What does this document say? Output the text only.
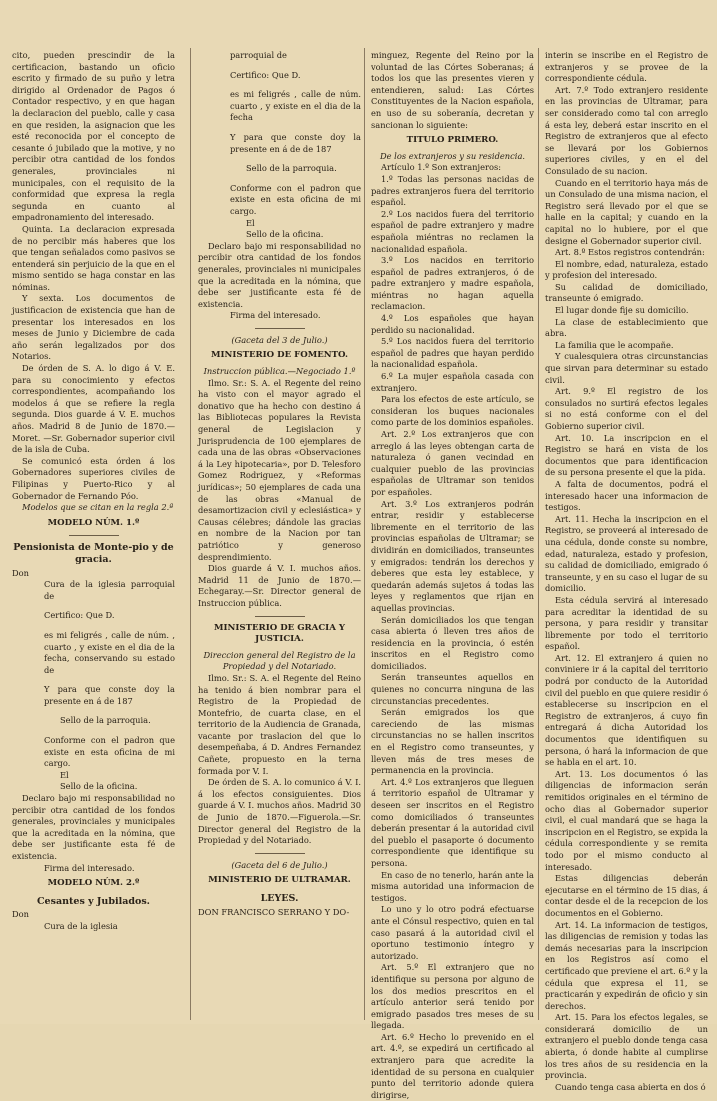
cito, pueden prescindir de la certificacion, bastando un oficio escrito y firmado de su puño y letra dirigido al Ordenador de Pagos ó Contador respectivo, y en que hagan la declaracion del pueblo, calle y casa en que residen, la asignacion que les esté reconocida por el concepto de cesante ó jubilado que la motive, y no percibir otra cantidad de los fondos generales, provinciales ni municipales, con el requisito de la conformidad que expresa la regla segunda en cuanto al empadronamiento del interesado.

Quinta. La declaracion expresada de no percibir más haberes que los que tengan señalados como pasivos se entenderá sin perjuicio de la que en el mismo sentido se haga constar en las nóminas.

Y sexta. Los documentos de justificacion de existencia que han de presentar los interesados en los meses de Junio y Diciembre de cada año serán legalizados por dos Notarios.

De órden de S. A. lo digo á V. E. para su conocimiento y efectos correspondientes, acompañando los modelos á que se refiere la regla segunda. Dios guarde á V. E. muchos años. Madrid 8 de Junio de 1870.—Moret. —Sr. Gobernador superior civil de la isla de Cuba.

Se comunicó esta órden á los Gobernadores superiores civiles de Filipinas y Puerto-Rico y al Gobernador de Fernando Póo.

Modelos que se citan en la regla 2.ª

MODELO NÚM. 1.º

Pensionista de Monte-pio y de gracia.

Don

Cura de la iglesia parroquial de

Certifico: Que D.

es mi feligrés , calle de núm. , cuarto , y existe en el dia de la fecha, conservando su estado de

Y para que conste doy la presente en á de 187

Sello de la parroquia.

Conforme con el padron que existe en esta oficina de mi cargo.

El

Sello de la oficina.

Declaro bajo mi responsabilidad no percibir otra cantidad de los fondos generales, provinciales y municipales que la acreditada en la nómina, que debe ser justificante esta fé de existencia.

Firma del interesado.

MODELO NÚM. 2.º

Cesantes y Jubilados.

Don

Cura de la iglesia

parroquial de

Certifico: Que D.

es mi feligrés , calle de núm. cuarto , y existe en el dia de la fecha

Y para que conste doy la presente en á de de 187

Sello de la parroquia.

Conforme con el padron que existe en esta oficina de mi cargo.

El

Sello de la oficina.

Declaro bajo mi responsabilidad no percibir otra cantidad de los fondos generales, provinciales ni municipales que la acreditada en la nómina, que debe ser justificante esta fé de existencia.

Firma del interesado.

(Gaceta del 3 de Julio.)

MINISTERIO DE FOMENTO.

Instruccion pública.—Negociado 1.º

Ilmo. Sr.: S. A. el Regente del reino ha visto con el mayor agrado el donativo que ha hecho con destino á las Bibliotecas populares la Revista general de Legislacion y Jurisprudencia de 100 ejemplares de cada una de las obras «Observaciones á la Ley hipotecaria», por D. Telesforo Gomez Rodriguez, y «Reformas jurídicas»; 50 ejemplares de cada una de las obras «Manual de desamortizacion civil y eclesiástica» y Causas célebres; dándole las gracias en nombre de la Nacion por tan patriótico y generoso desprendimiento.

Dios guarde á V. I. muchos años. Madrid 11 de Junio de 1870.—Echegaray.—Sr. Director general de Instruccion pública.

MINISTERIO DE GRACIA Y JUSTICIA.

Direccion general del Registro de la Propiedad y del Notariado.

Ilmo. Sr.: S. A. el Regente del Reino ha tenido á bien nombrar para el Registro de la Propiedad de Montefrio, de cuarta clase, en el territorio de la Audiencia de Granada, vacante por traslacion del que lo desempeñaba, á D. Andres Fernandez Cañete, propuesto en la terna formada por V. I.

De órden de S. A. lo comunico á V. I. á los efectos consiguientes. Dios guarde á V. I. muchos años. Madrid 30 de Junio de 1870.—Figuerola.—Sr. Director general del Registro de la Propiedad y del Notariado.

(Gaceta del 6 de Julio.)

MINISTERIO DE ULTRAMAR.

LEYES.

DON FRANCISCO SERRANO Y DO-

minguez, Regente del Reino por la voluntad de las Córtes Soberanas; á todos los que las presentes vieren y entendieren, salud: Las Córtes Constituyentes de la Nacion española, en uso de su soberanía, decretan y sancionan lo siguiente:

TITULO PRIMERO.

De los extranjeros y su residencia.

Artículo 1.º Son extranjeros:

1.º Todas las personas nacidas de padres extranjeros fuera del territorio español.

2.º Los nacidos fuera del territorio español de padre extranjero y madre española miéntras no reclamen la nacionalidad española.

3.º Los nacidos en territorio español de padres extranjeros, ó de padre extranjero y madre española, miéntras no hagan aquella reclamacion.

4.º Los españoles que hayan perdido su nacionalidad.

5.º Los nacidos fuera del territorio español de padres que hayan perdido la nacionalidad española.

6.º La mujer española casada con extranjero.

Para los efectos de este artículo, se consideran los buques nacionales como parte de los dominios españoles.

Art. 2.º Los extranjeros que con arreglo á las leyes obtengan carta de naturaleza ó ganen vecindad en cualquier pueblo de las provincias españolas de Ultramar son tenidos por españoles.

Art. 3.º Los extranjeros podrán entrar, residir y establecerse libremente en el territorio de las provincias españolas de Ultramar; se dividirán en domiciliados, transeuntes y emigrados: tendrán los derechos y deberes que esta ley establece, y quedarán además sujetos á todas las leyes y reglamentos que rijan en aquellas provincias.

Serán domiciliados los que tengan casa abierta ó lleven tres años de residencia en la provincia, ó estén inscritos en el Registro como domiciliados.

Serán transeuntes aquellos en quienes no concurra ninguna de las circunstancias precedentes.

Serán emigrados los que careciendo de las mismas circunstancias no se hallen inscritos en el Registro como transeuntes, y lleven más de tres meses de permanencia en la provincia.

Art. 4.º Los extranjeros que lleguen á territorio español de Ultramar y deseen ser inscritos en el Registro como domiciliados ó transeuntes deberán presentar á la autoridad civil del pueblo el pasaporte ó documento correspondiente que identifique su persona.

En caso de no tenerlo, harán ante la misma autoridad una informacion de testigos.

Lo uno y lo otro podrá efectuarse ante el Cónsul respectivo, quien en tal caso pasará á la autoridad civil el oportuno testimonio íntegro y autorizado.

Art. 5.º El extranjero que no identifique su persona por alguno de los dos medios prescritos en el artículo anterior será tenido por emigrado pasados tres meses de su llegada.

Art. 6.º Hecho lo prevenido en el art. 4.º, se expedirá un certificado al extranjero para que acredite la identidad de su persona en cualquier punto del territorio adonde quiera dirigirse,

interin se inscribe en el Registro de extranjeros y se provee de la correspondiente cédula.

Art. 7.º Todo extranjero residente en las provincias de Ultramar, para ser considerado como tal con arreglo á esta ley, deberá estar inscrito en el Registro de extranjeros que al efecto se llevará por los Gobiernos superiores civiles, y en el del Consulado de su nacion.

Cuando en el territorio haya más de un Consulado de una misma nacion, el Registro será llevado por el que se halle en la capital; y cuando en la capital no lo hubiere, por el que designe el Gobernador superior civil.

Art. 8.º Estos registros contendrán:

El nombre, edad, naturaleza, estado y profesion del interesado.

Su calidad de domiciliado, transeunte ó emigrado.

El lugar donde fije su domicilio.

La clase de establecimiento que abra.

La familia que le acompañe.

Y cualesquiera otras circunstancias que sirvan para determinar su estado civil.

Art. 9.º El registro de los consulados no surtirá efectos legales si no está conforme con el del Gobierno superior civil.

Art. 10. La inscripcion en el Registro se hará en vista de los documentos que para identificacion de su persona presente el que la pida.

A falta de documentos, podrá el interesado hacer una informacion de testigos.

Art. 11. Hecha la inscripcion en el Registro, se proveerá al interesado de una cédula, donde conste su nombre, edad, naturaleza, estado y profesion, su calidad de domiciliado, emigrado ó transeunte, y en su caso el lugar de su domicilio.

Esta cédula servirá al interesado para acreditar la identidad de su persona, y para residir y transitar libremente por todo el territorio español.

Art. 12. El extranjero á quien no conviniere ir á la capital del territorio podrá por conducto de la Autoridad civil del pueblo en que quiere residir ó establecerse su inscripcion en el Registro de extranjeros, á cuyo fin entregará á dicha Autoridad los documentos que identifiquen su persona, ó hará la informacion de que se habla en el art. 10.

Art. 13. Los documentos ó las diligencias de informacion serán remitidos originales en el término de ocho dias al Gobernador superior civil, el cual mandará que se haga la inscripcion en el Registro, se expida la cédula correspondiente y se remita todo por el mismo conducto al interesado.

Estas diligencias deberán ejecutarse en el término de 15 dias, á contar desde el de la recepcion de los documentos en el Gobierno.

Art. 14. La informacion de testigos, las diligencias de remision y todas las demás necesarias para la inscripcion en los Registros así como el certificado que previene el art. 6.º y la cédula que expresa el 11, se practicarán y expedirán de oficio y sin derechos.

Art. 15. Para los efectos legales, se considerará domicilio de un extranjero el pueblo donde tenga casa abierta, ó donde habite al cumplirse los tres años de su residencia en la provincia.

Cuando tenga casa abierta en dos ó
